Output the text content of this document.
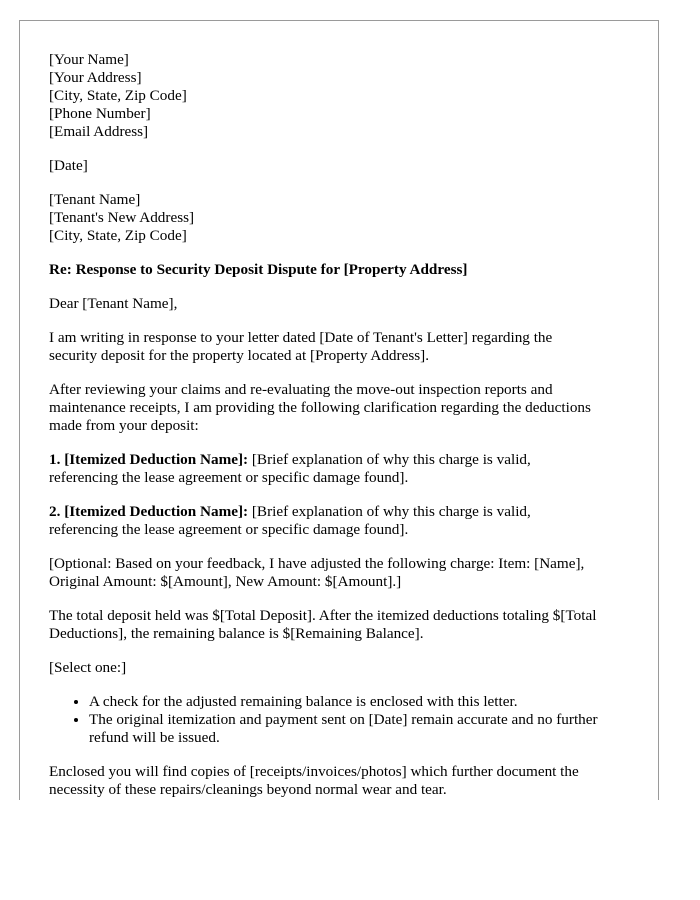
[Your Name]
[Your Address]
[City, State, Zip Code]
[Phone Number]
[Email Address]
[Date]
[Tenant Name]
[Tenant's New Address]
[City, State, Zip Code]
Re: Response to Security Deposit Dispute for [Property Address]
Dear [Tenant Name],

I am writing in response to your letter dated [Date of Tenant's Letter] regarding the
security deposit for the property located at [Property Address].

After reviewing your claims and re-evaluating the move-out inspection reports and
maintenance receipts, I am providing the following clarification regarding the deductions
made from your deposit:

1. [Itemized Deduction Name]: [Brief explanation of why this charge is valid,
referencing the lease agreement or specific damage found].

2. [Itemized Deduction Name]: [Brief explanation of why this charge is valid,
referencing the lease agreement or specific damage found].

[Optional: Based on your feedback, I have adjusted the following charge: Item: [Name],
Original Amount: $[Amount], New Amount: $[Amount].]

The total deposit held was $[Total Deposit]. After the itemized deductions totaling $[Total
Deductions], the remaining balance is $[Remaining Balance].

[Select one:]
• A check for the adjusted remaining balance is enclosed with this letter.
• The original itemization and payment sent on [Date] remain accurate and no further
refund will be issued.

Enclosed you will find copies of [receipts/invoices/photos] which further document the
necessity of these repairs/cleanings beyond normal wear and tear.
